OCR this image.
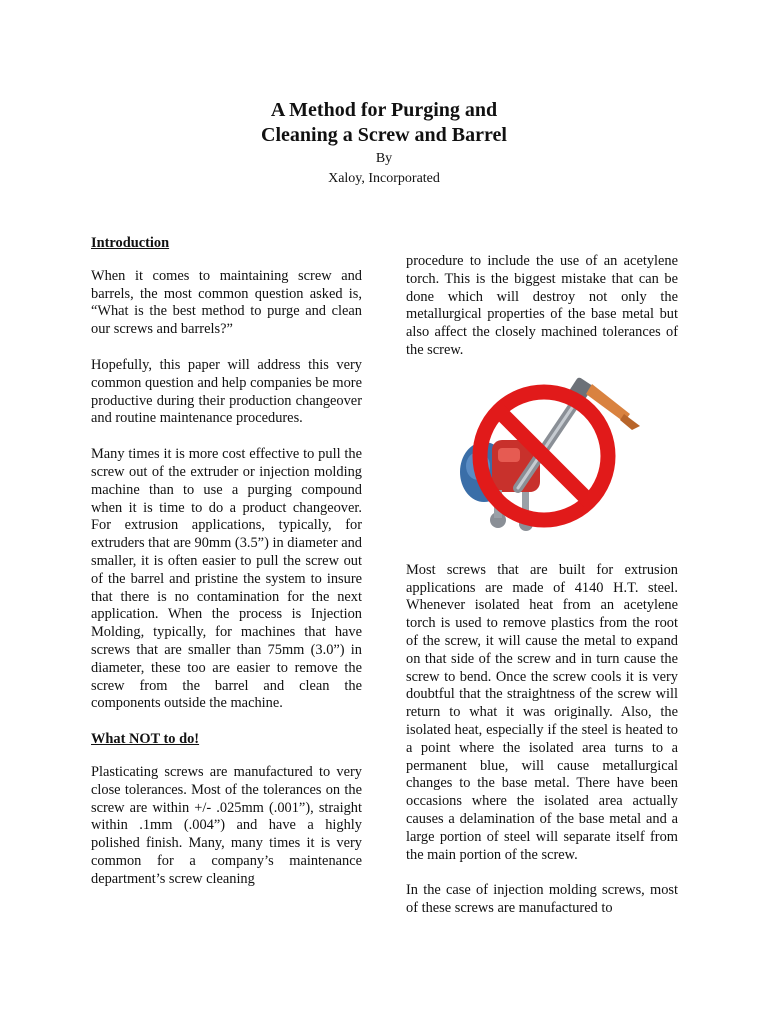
A Method for Purging and
Cleaning a Screw and Barrel
By
Xaloy, Incorporated
Introduction

When it comes to maintaining screw and barrels, the most common question asked is, “What is the best method to purge and clean our screws and barrels?”

Hopefully, this paper will address this very common question and help companies be more productive during their production changeover and routine maintenance procedures.

Many times it is more cost effective to pull the screw out of the extruder or injection molding machine than to use a purging compound when it is time to do a product changeover. For extrusion applications, typically, for extruders that are 90mm (3.5”) in diameter and smaller, it is often easier to pull the screw out of the barrel and pristine the system to insure that there is no contamination for the next application. When the process is Injection Molding, typically, for machines that have screws that are smaller than 75mm (3.0”) in diameter, these too are easier to remove the screw from the barrel and clean the components outside the machine.

What NOT to do!

Plasticating screws are manufactured to very close tolerances. Most of the tolerances on the screw are within +/- .025mm (.001”), straight within .1mm (.004”) and have a highly polished finish. Many, many times it is very common for a company’s maintenance department’s screw cleaning

procedure to include the use of an acetylene torch. This is the biggest mistake that can be done which will destroy not only the metallurgical properties of the base metal but also affect the closely machined tolerances of the screw.

Most screws that are built for extrusion applications are made of 4140 H.T. steel. Whenever isolated heat from an acetylene torch is used to remove plastics from the root of the screw, it will cause the metal to expand on that side of the screw and in turn cause the screw to bend. Once the screw cools it is very doubtful that the straightness of the screw will return to what it was originally. Also, the isolated heat, especially if the steel is heated to a point where the isolated area turns to a permanent blue, will cause metallurgical changes to the base metal. There have been occasions where the isolated area actually causes a delamination of the base metal and a large portion of steel will separate itself from the main portion of the screw.

In the case of injection molding screws, most of these screws are manufactured to
